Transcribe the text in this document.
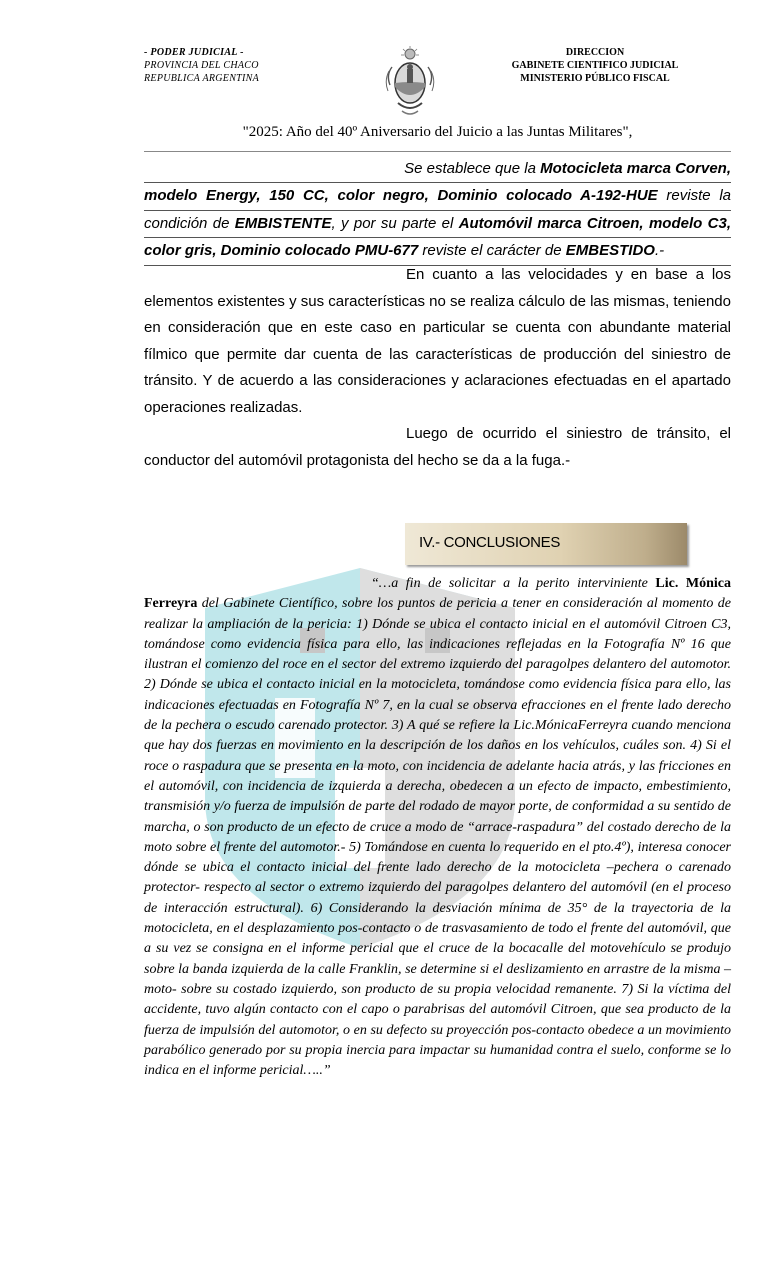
- PODER JUDICIAL -
PROVINCIA DEL CHACO
REPUBLICA ARGENTINA
DIRECCION
GABINETE CIENTIFICO JUDICIAL
MINISTERIO PÚBLICO FISCAL
"2025: Año del 40º Aniversario del Juicio a las Juntas Militares",
Se establece que la Motocicleta marca Corven,
modelo Energy, 150 CC, color negro, Dominio colocado A-192-HUE reviste la
condición de EMBISTENTE, y por su parte el Automóvil marca Citroen, modelo C3,
color gris, Dominio colocado PMU-677 reviste el carácter de EMBESTIDO.-
En cuanto a las velocidades y en base a los elementos existentes y sus características no se realiza cálculo de las mismas, teniendo en consideración que en este caso en particular se cuenta con abundante material fílmico que permite dar cuenta de las características de producción del siniestro de tránsito. Y de acuerdo a las consideraciones y aclaraciones efectuadas en el apartado operaciones realizadas.
Luego de ocurrido el siniestro de tránsito, el conductor del automóvil protagonista del hecho se da a la fuga.-
IV.- CONCLUSIONES
“…a fin de solicitar a la perito interviniente Lic. Mónica Ferreyra del Gabinete Científico, sobre los puntos de pericia a tener en consideración al momento de realizar la ampliación de la pericia: 1) Dónde se ubica el contacto inicial en el automóvil Citroen C3, tomándose como evidencia física para ello, las indicaciones reflejadas en la Fotografía Nº 16 que ilustran el comienzo del roce en el sector del extremo izquierdo del paragolpes delantero del automotor. 2) Dónde se ubica el contacto inicial en la motocicleta, tomándose como evidencia física para ello, las indicaciones efectuadas en Fotografía Nº 7, en la cual se observa efracciones en el frente lado derecho de la pechera o escudo carenado protector. 3) A qué se refiere la Lic.MónicaFerreyra cuando menciona que hay dos fuerzas en movimiento en la descripción de los daños en los vehículos, cuáles son. 4) Si el roce o raspadura que se presenta en la moto, con incidencia de adelante hacia atrás, y las fricciones en el automóvil, con incidencia de izquierda a derecha, obedecen a un efecto de impacto, embestimiento, transmisión y/o fuerza de impulsión de parte del rodado de mayor porte, de conformidad a su sentido de marcha, o son producto de un efecto de cruce a modo de “arrace-raspadura” del costado derecho de la moto sobre el frente del automotor.- 5) Tomándose en cuenta lo requerido en el pto.4º), interesa conocer dónde se ubica el contacto inicial del frente lado derecho de la motocicleta –pechera o carenado protector- respecto al sector o extremo izquierdo del paragolpes delantero del automóvil (en el proceso de interacción estructural). 6) Considerando la desviación mínima de 35° de la trayectoria de la motocicleta, en el desplazamiento pos-contacto o de trasvasamiento de todo el frente del automóvil, que a su vez se consigna en el informe pericial que el cruce de la bocacalle del motovehículo se produjo sobre la banda izquierda de la calle Franklin, se determine si el deslizamiento en arrastre de la misma –moto- sobre su costado izquierdo, son producto de su propia velocidad remanente. 7) Si la víctima del accidente, tuvo algún contacto con el capo o parabrisas del automóvil Citroen, que sea producto de la fuerza de impulsión del automotor, o en su defecto su proyección pos-contacto obedece a un movimiento parabólico generado por su propia inercia para impactar su humanidad contra el suelo, conforme se lo indica en el informe pericial…..”
